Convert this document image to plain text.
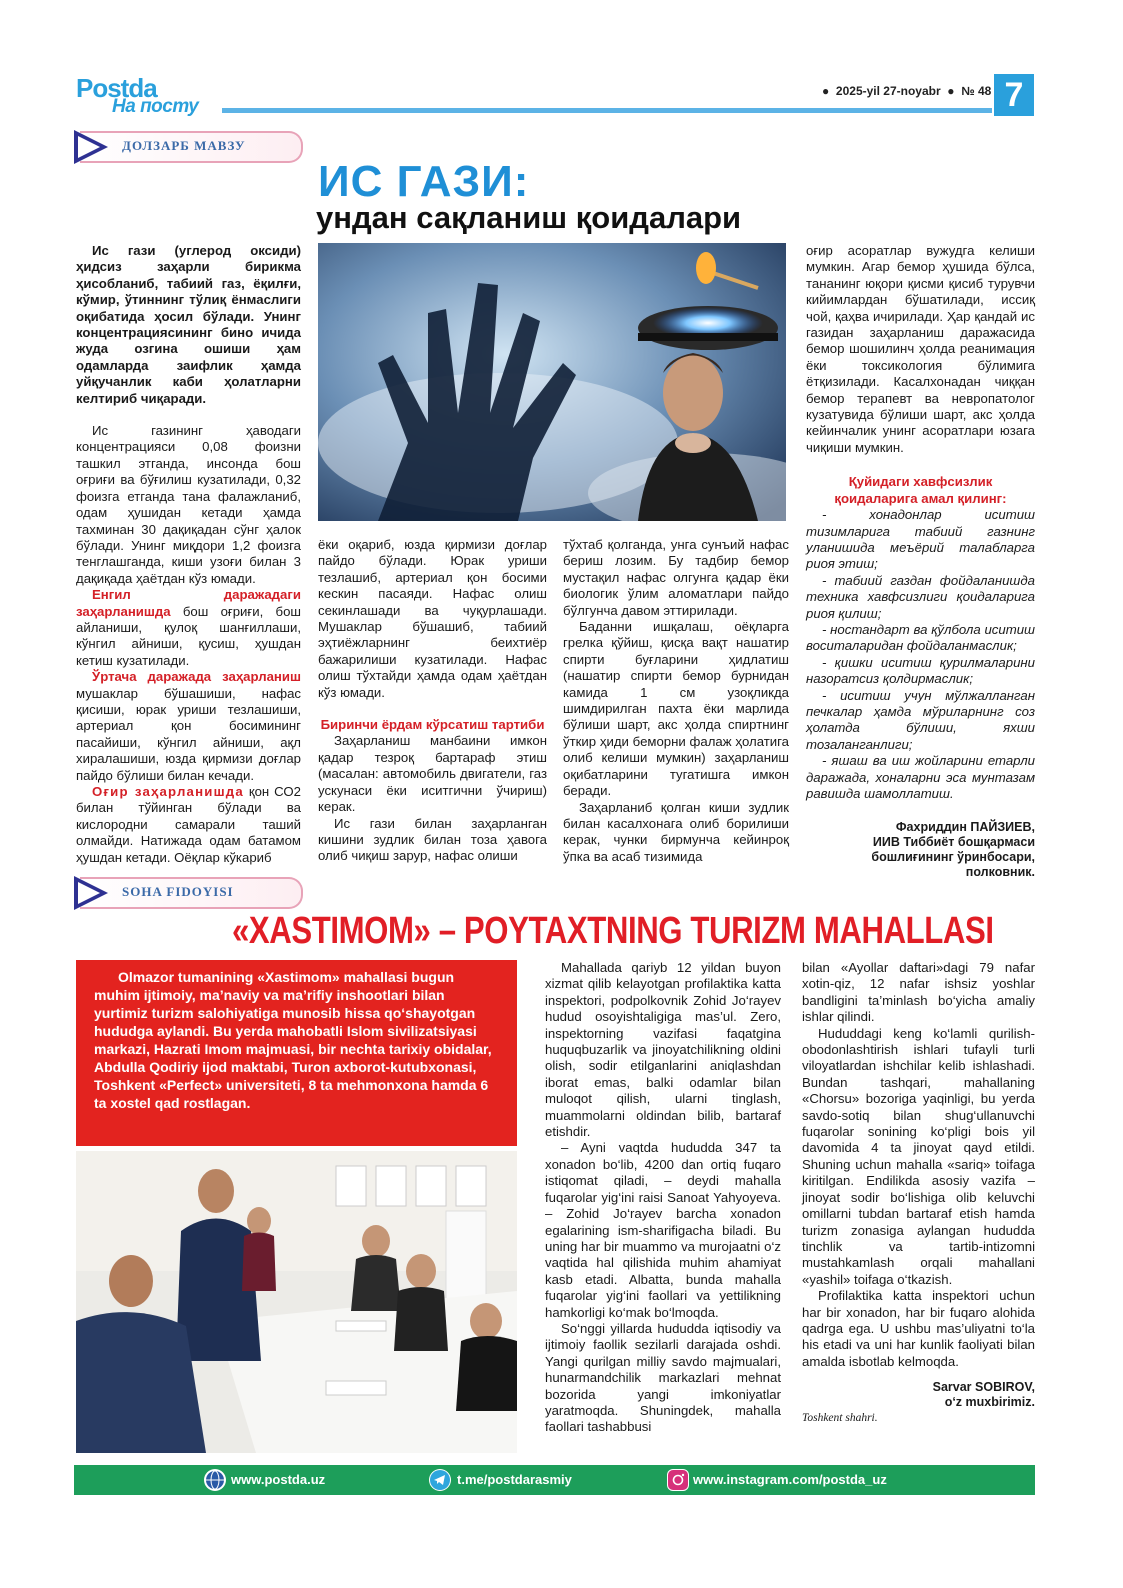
Postda
На посту
●  2025-yil 27-noyabr  ●  № 48 7
ДОЛЗАРБ МАВЗУ
ИС ГАЗИ:
ундан сақланиш қоидалари

Ис гази (углерод оксиди) ҳидсиз заҳарли бирикма ҳисобланиб, табиий газ, ёқилғи, кўмир, ўтиннинг тўлиқ ёнмаслиги оқибатида ҳосил бўлади. Унинг концентрациясининг бино ичида жуда озгина ошиши ҳам одамларда заифлик ҳамда уйқучанлик каби ҳолатларни келтириб чиқаради.

Ис газининг ҳаводаги концентрацияси 0,08 фоизни ташкил этганда, инсонда бош оғриғи ва бўғилиш кузатилади, 0,32 фоизга етганда тана фалажланиб, одам ҳушидан кетади ҳамда тахминан 30 дақиқадан сўнг ҳалок бўлади. Унинг миқдори 1,2 фоизга тенглашганда, киши узоғи билан 3 дақиқада ҳаётдан кўз юмади.

Енгил даражадаги заҳарланишда бош оғриғи, бош айланиши, қулоқ шанғиллаши, кўнгил айниши, қусиш, ҳушдан кетиш кузатилади.

Ўртача даражада заҳарланиш мушаклар бўшашиши, нафас қисиши, юрак уриши тезлашиши, артериал қон босимининг пасайиши, кўнгил айниши, ақл хиралашиши, юзда қирмизи доғлар пайдо бўлиши билан кечади.

Оғир заҳарланишда қон СО2 билан тўйинган бўлади ва кислородни самарали таший олмайди. Натижада одам батамом ҳушдан кетади. Оёқлар кўкариб

ёки оқариб, юзда қирмизи доғлар пайдо бўлади. Юрак уриши тезлашиб, артериал қон босими кескин пасаяди. Нафас олиш секинлашади ва чуқурлашади. Мушаклар бўшашиб, табиий эҳтиёжларнинг беихтиёр бажарилиши кузатилади. Нафас олиш тўхтайди ҳамда одам ҳаётдан кўз юмади.

Биринчи ёрдам кўрсатиш тартиби

Заҳарланиш манбаини имкон қадар тезроқ бартараф этиш (масалан: автомобиль двигатели, газ ускунаси ёки иситгични ўчириш) керак.

Ис гази билан заҳарланган кишини зудлик билан тоза ҳавога олиб чиқиш зарур, нафас олиши

тўхтаб қолганда, унга сунъий нафас бериш лозим. Бу тадбир бемор мустақил нафас олгунга қадар ёки биологик ўлим аломатлари пайдо бўлгунча давом эттирилади.

Баданни ишқалаш, оёқларга грелка қўйиш, қисқа вақт нашатир спирти буғларини ҳидлатиш (нашатир спирти бемор бурнидан камида 1 см узоқликда шимдирилган пахта ёки марлида бўлиши шарт, акс ҳолда спиртнинг ўткир ҳиди беморни фалаж ҳолатига олиб келиши мумкин) заҳарланиш оқибатларини тугатишга имкон беради.

Заҳарланиб қолган киши зудлик билан касалхонага олиб борилиши керак, чунки бирмунча кейинроқ ўпка ва асаб тизимида

оғир асоратлар вужудга келиши мумкин. Агар бемор ҳушида бўлса, тананинг юқори қисми қисиб турувчи кийимлардан бўшатилади, иссиқ чой, қаҳва ичирилади. Ҳар қандай ис газидан заҳарланиш даражасида бемор шошилинч ҳолда реанимация ёки токсикология бўлимига ётқизилади. Касалхонадан чиққан бемор терапевт ва невропатолог кузатувида бўлиши шарт, акс ҳолда кейинчалик унинг асоратлари юзага чиқиши мумкин.

Қуйидаги хавфсизлик қоидаларига амал қилинг:

- хонадонлар иситиш тизимларига табиий газнинг уланишида меъёрий талабларга риоя этиш;

- табиий газдан фойдаланишда техника хавфсизлиги қоидаларига риоя қилиш;

- ностандарт ва қўлбола иситиш воситаларидан фойдаланмаслик;

- қишки иситиш қурилмаларини назоратсиз қолдирмаслик;

- иситиш учун мўлжалланган печкалар ҳамда мўриларнинг соз ҳолатда бўлиши, яхши тозаланганлиги;

- яшаш ва иш жойларини етарли даражада, хоналарни эса мунтазам равишда шамоллатиш.

Фахриддин ПАЙЗИЕВ,
ИИВ Тиббиёт бошқармаси
бошлиғининг ўринбосари,
полковник.
SOHA FIDOYISI
«XASTIMOM» – POYTAXTNING TURIZM MAHALLASI
Olmazor tumanining «Xastimom» mahallasi bugun muhim ijtimoiy, ma’naviy va ma’rifiy inshootlari bilan yurtimiz turizm salohiyatiga munosib hissa qo‘shayotgan hududga aylandi. Bu yerda mahobatli Islom sivilizatsiyasi markazi, Hazrati Imom majmuasi, bir nechta tarixiy obidalar, Abdulla Qodiriy ijod maktabi, Turon axborot-kutubxonasi, Toshkent «Perfect» universiteti, 8 ta mehmonxona hamda 6 ta xostel qad rostlagan.

Mahallada qariyb 12 yildan buyon xizmat qilib kelayotgan profilaktika katta inspektori, podpolkovnik Zohid Jo‘rayev hudud osoyishtaligiga mas’ul. Zero, inspektorning vazifasi faqatgina huquqbuzarlik va jinoyatchilikning oldini olish, sodir etilganlarini aniqlashdan iborat emas, balki odamlar bilan muloqot qilish, ularni tinglash, muammolarni oldindan bilib, bartaraf etishdir.

– Ayni vaqtda hududda 347 ta xonadon bo‘lib, 4200 dan ortiq fuqaro istiqomat qiladi, – deydi mahalla fuqarolar yig‘ini raisi Sanoat Yahyoyeva. – Zohid Jo‘rayev barcha xonadon egalarining ism-sharifigacha biladi. Bu uning har bir muammo va murojaatni o‘z vaqtida hal qilishida muhim ahamiyat kasb etadi. Albatta, bunda mahalla fuqarolar yig‘ini faollari va yettilikning hamkorligi ko‘mak bo‘lmoqda.

So‘nggi yillarda hududda iqtisodiy va ijtimoiy faollik sezilarli darajada oshdi. Yangi qurilgan milliy savdo majmualari, hunarmandchilik markazlari mehnat bozorida yangi imkoniyatlar yaratmoqda. Shuningdek, mahalla faollari tashabbusi

bilan «Ayollar daftari»dagi 79 nafar xotin-qiz, 12 nafar ishsiz yoshlar bandligini ta’minlash bo‘yicha amaliy ishlar qilindi.

Hududdagi keng ko‘lamli qurilish-obodonlashtirish ishlari tufayli turli viloyatlardan ishchilar kelib ishlashadi. Bundan tashqari, mahallaning «Chorsu» bozoriga yaqinligi, bu yerda savdo-sotiq bilan shug‘ullanuvchi fuqarolar sonining ko‘pligi bois yil davomida 4 ta jinoyat qayd etildi. Shuning uchun mahalla «sariq» toifaga kiritilgan. Endilikda asosiy vazifa – jinoyat sodir bo‘lishiga olib keluvchi omillarni tubdan bartaraf etish hamda turizm zonasiga aylangan hududda tinchlik va tartib-intizomni mustahkamlash orqali mahallani «yashil» toifaga o‘tkazish.

Profilaktika katta inspektori uchun har bir xonadon, har bir fuqaro alohida qadrga ega. U ushbu mas’uliyatni to‘la his etadi va uni har kunlik faoliyati bilan amalda isbotlab kelmoqda.

Sarvar SOBIROV,
o‘z muxbirimiz.
Toshkent shahri.
www.postda.uz	t.me/postdarasmiy	www.instagram.com/postda_uz
